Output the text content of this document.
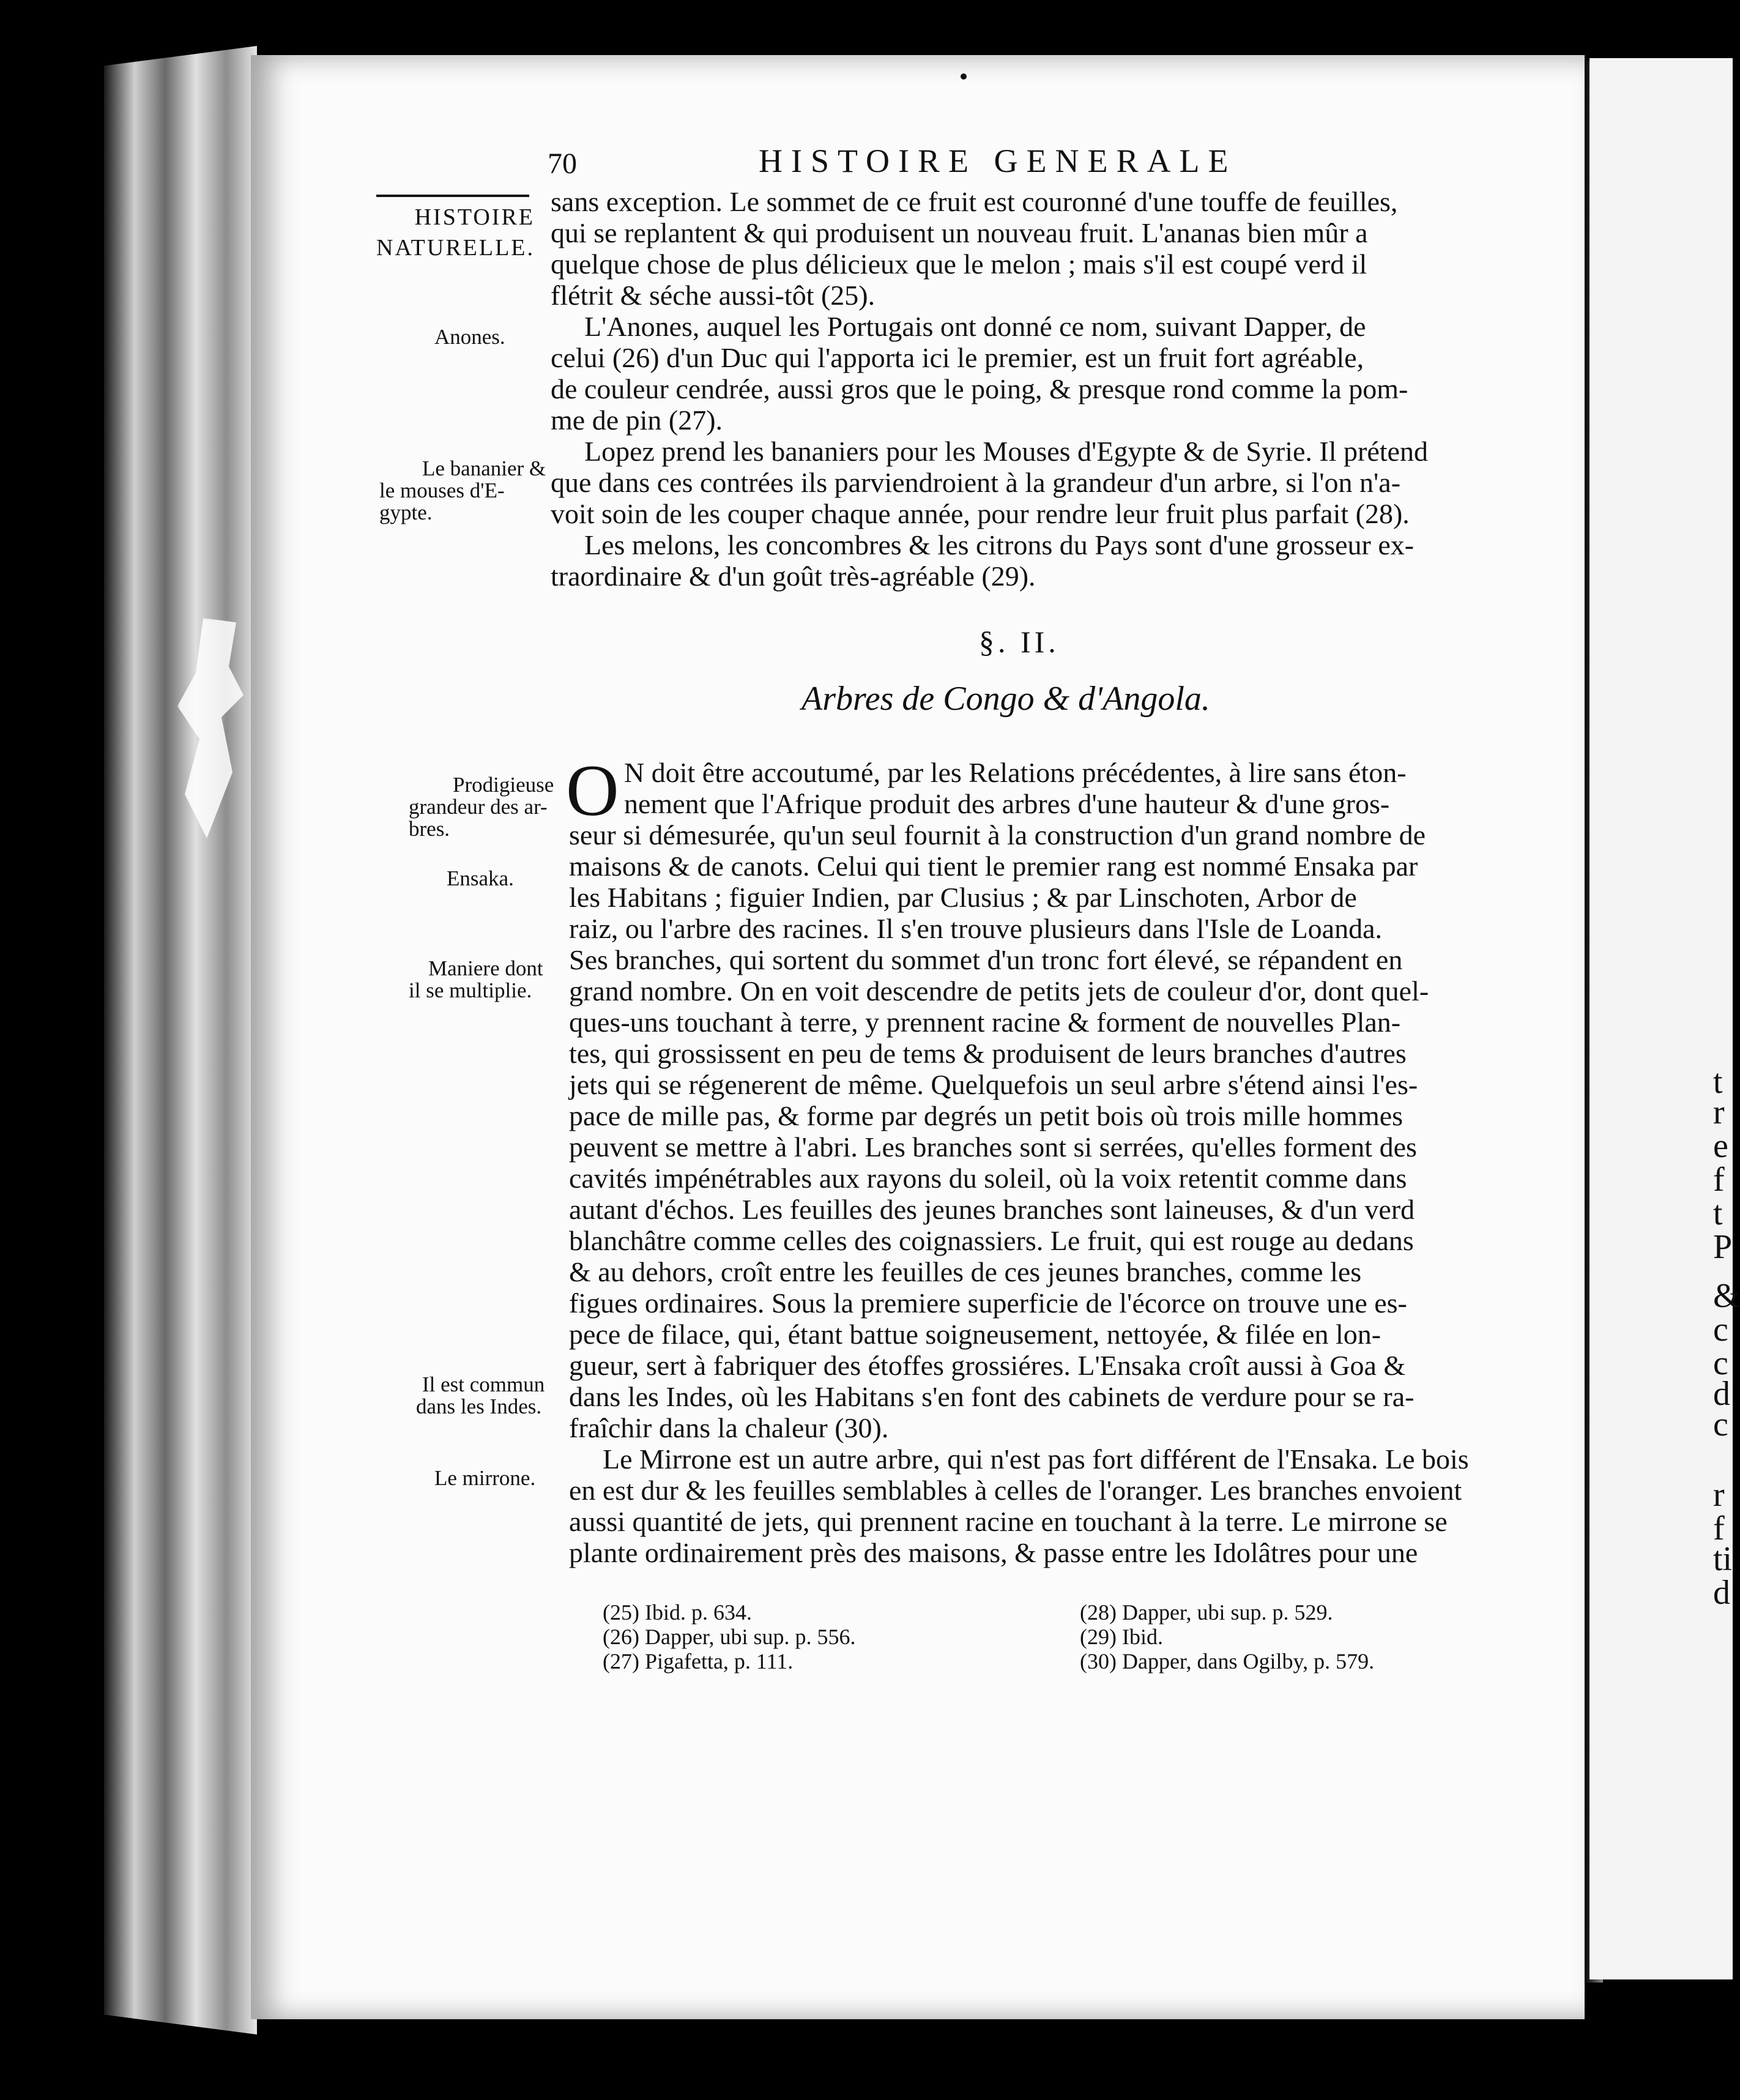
t
r
e
f
t
P
&
c
c
d
c
r
f
ti
d
70	HISTOIRE GENERALE
HISTOIRE
NATURELLE.
Anones.
Le bananier &
le mouses d'E-
gypte.
Prodigieuse
grandeur des ar-
bres.
Ensaka.
Maniere dont
il se multiplie.
Il est commun
dans les Indes.
Le mirrone.
sans exception. Le sommet de ce fruit est couronné d'une touffe de feuilles,
qui se replantent & qui produisent un nouveau fruit. L'ananas bien mûr a
quelque chose de plus délicieux que le melon ; mais s'il est coupé verd il
flétrit & séche aussi-tôt (25).
L'Anones, auquel les Portugais ont donné ce nom, suivant Dapper, de
celui (26) d'un Duc qui l'apporta ici le premier, est un fruit fort agréable,
de couleur cendrée, aussi gros que le poing, & presque rond comme la pom-
me de pin (27).
Lopez prend les bananiers pour les Mouses d'Egypte & de Syrie. Il prétend
que dans ces contrées ils parviendroient à la grandeur d'un arbre, si l'on n'a-
voit soin de les couper chaque année, pour rendre leur fruit plus parfait (28).
Les melons, les concombres & les citrons du Pays sont d'une grosseur ex-
traordinaire & d'un goût très-agréable (29).
§. II.
Arbres de Congo & d'Angola.
O N doit être accoutumé, par les Relations précédentes, à lire sans éton-
nement que l'Afrique produit des arbres d'une hauteur & d'une gros-
seur si démesurée, qu'un seul fournit à la construction d'un grand nombre de
maisons & de canots. Celui qui tient le premier rang est nommé Ensaka par
les Habitans ; figuier Indien, par Clusius ; & par Linschoten, Arbor de
raiz, ou l'arbre des racines. Il s'en trouve plusieurs dans l'Isle de Loanda.
Ses branches, qui sortent du sommet d'un tronc fort élevé, se répandent en
grand nombre. On en voit descendre de petits jets de couleur d'or, dont quel-
ques-uns touchant à terre, y prennent racine & forment de nouvelles Plan-
tes, qui grossissent en peu de tems & produisent de leurs branches d'autres
jets qui se régenerent de même. Quelquefois un seul arbre s'étend ainsi l'es-
pace de mille pas, & forme par degrés un petit bois où trois mille hommes
peuvent se mettre à l'abri. Les branches sont si serrées, qu'elles forment des
cavités impénétrables aux rayons du soleil, où la voix retentit comme dans
autant d'échos. Les feuilles des jeunes branches sont laineuses, & d'un verd
blanchâtre comme celles des coignassiers. Le fruit, qui est rouge au dedans
& au dehors, croît entre les feuilles de ces jeunes branches, comme les
figues ordinaires. Sous la premiere superficie de l'écorce on trouve une es-
pece de filace, qui, étant battue soigneusement, nettoyée, & filée en lon-
gueur, sert à fabriquer des étoffes grossiéres. L'Ensaka croît aussi à Goa &
dans les Indes, où les Habitans s'en font des cabinets de verdure pour se ra-
fraîchir dans la chaleur (30).
Le Mirrone est un autre arbre, qui n'est pas fort différent de l'Ensaka. Le bois
en est dur & les feuilles semblables à celles de l'oranger. Les branches envoient
aussi quantité de jets, qui prennent racine en touchant à la terre. Le mirrone se
plante ordinairement près des maisons, & passe entre les Idolâtres pour une
(25) Ibid. p. 634.
(26) Dapper, ubi sup. p. 556.
(27) Pigafetta, p. 111.
(28) Dapper, ubi sup. p. 529.
(29) Ibid.
(30) Dapper, dans Ogilby, p. 579.
